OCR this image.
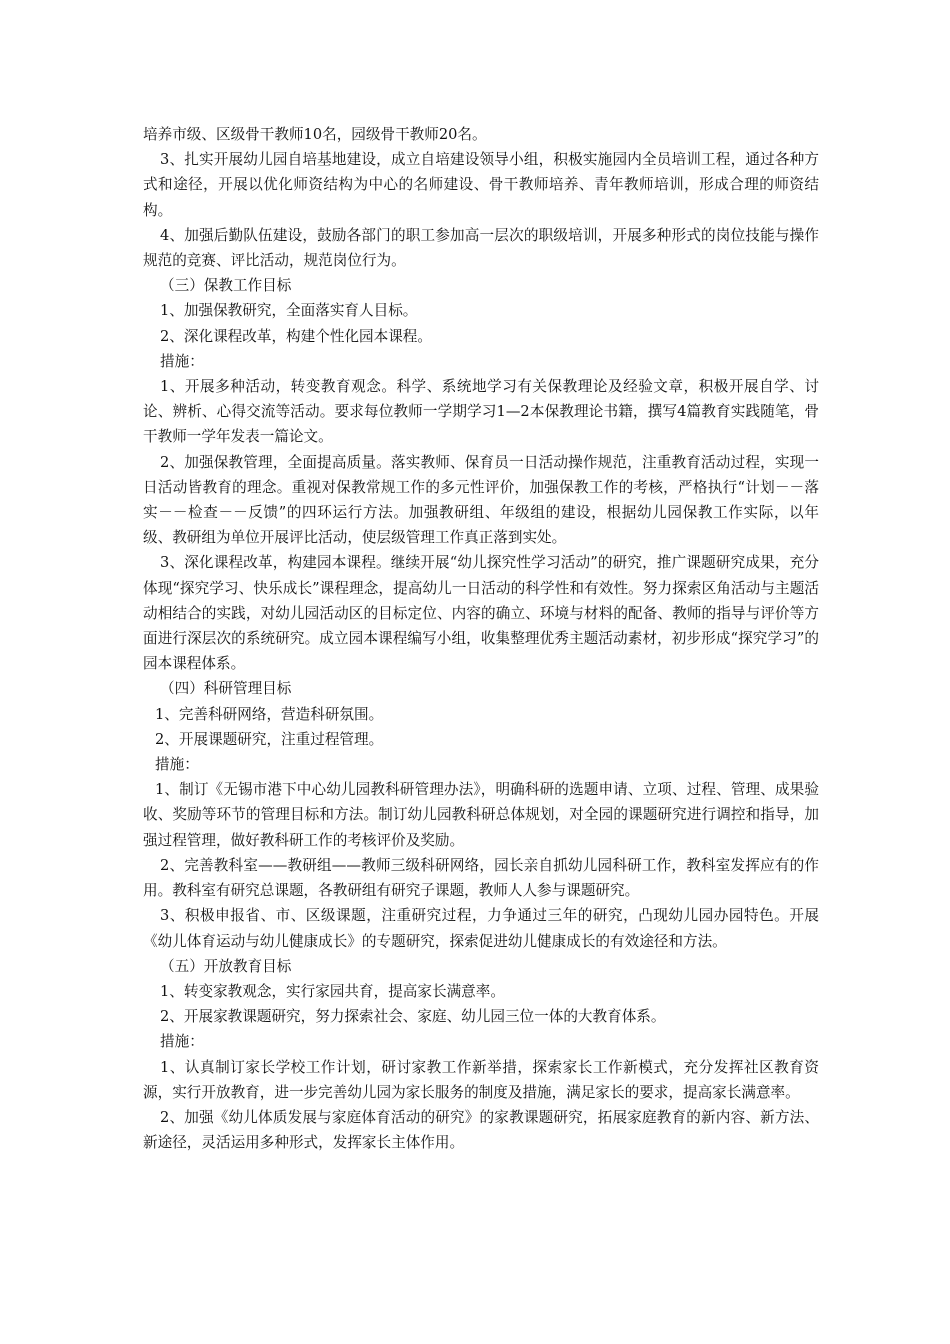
培养市级、区级骨干教师10名，园级骨干教师20名。

3、扎实开展幼儿园自培基地建设，成立自培建设领导小组，积极实施园内全员培训工程，通过各种方式和途径，开展以优化师资结构为中心的名师建设、骨干教师培养、青年教师培训，形成合理的师资结构。

4、加强后勤队伍建设，鼓励各部门的职工参加高一层次的职级培训，开展多种形式的岗位技能与操作规范的竞赛、评比活动，规范岗位行为。

（三）保教工作目标

1、加强保教研究，全面落实育人目标。

2、深化课程改革，构建个性化园本课程。

措施：

1、开展多种活动，转变教育观念。科学、系统地学习有关保教理论及经验文章，积极开展自学、讨论、辨析、心得交流等活动。要求每位教师一学期学习1—2本保教理论书籍，撰写4篇教育实践随笔，骨干教师一学年发表一篇论文。

2、加强保教管理，全面提高质量。落实教师、保育员一日活动操作规范，注重教育活动过程，实现一日活动皆教育的理念。重视对保教常规工作的多元性评价，加强保教工作的考核，严格执行“计划－－落实－－检查－－反馈”的四环运行方法。加强教研组、年级组的建设，根据幼儿园保教工作实际，以年级、教研组为单位开展评比活动，使层级管理工作真正落到实处。

3、深化课程改革，构建园本课程。继续开展“幼儿探究性学习活动”的研究，推广课题研究成果，充分体现“探究学习、快乐成长”课程理念，提高幼儿一日活动的科学性和有效性。努力探索区角活动与主题活动相结合的实践，对幼儿园活动区的目标定位、内容的确立、环境与材料的配备、教师的指导与评价等方面进行深层次的系统研究。成立园本课程编写小组，收集整理优秀主题活动素材，初步形成“探究学习”的园本课程体系。

（四）科研管理目标

1、完善科研网络，营造科研氛围。

2、开展课题研究，注重过程管理。

措施：

1、制订《无锡市港下中心幼儿园教科研管理办法》，明确科研的选题申请、立项、过程、管理、成果验收、奖励等环节的管理目标和方法。制订幼儿园教科研总体规划，对全园的课题研究进行调控和指导，加强过程管理，做好教科研工作的考核评价及奖励。

2、完善教科室——教研组——教师三级科研网络，园长亲自抓幼儿园科研工作，教科室发挥应有的作用。教科室有研究总课题，各教研组有研究子课题，教师人人参与课题研究。

3、积极申报省、市、区级课题，注重研究过程，力争通过三年的研究，凸现幼儿园办园特色。开展《幼儿体育运动与幼儿健康成长》的专题研究，探索促进幼儿健康成长的有效途径和方法。

（五）开放教育目标

1、转变家教观念，实行家园共育，提高家长满意率。

2、开展家教课题研究，努力探索社会、家庭、幼儿园三位一体的大教育体系。

措施：

1、认真制订家长学校工作计划，研讨家教工作新举措，探索家长工作新模式，充分发挥社区教育资源，实行开放教育，进一步完善幼儿园为家长服务的制度及措施，满足家长的要求，提高家长满意率。

2、加强《幼儿体质发展与家庭体育活动的研究》的家教课题研究，拓展家庭教育的新内容、新方法、新途径，灵活运用多种形式，发挥家长主体作用。
